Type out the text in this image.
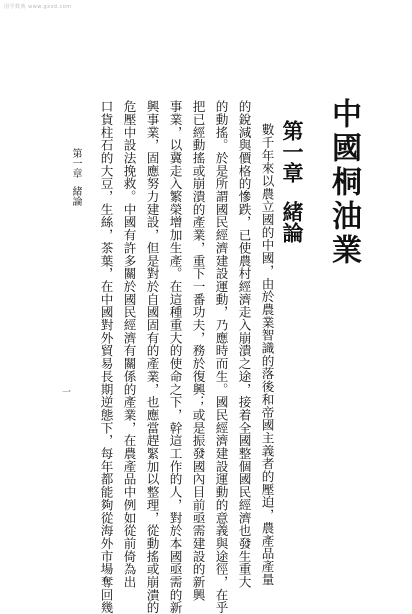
国学数典 www.gxsd.com
中國桐油業
第一章緒論
數千年來以農立國的中國，由於農業智識的落後和帝國主義者的壓迫，農產品產量
的銳減與價格的慘跌，已使農村經濟走入崩潰之途，接着全國整個國民經濟也發生重大
的動搖。於是所謂國民經濟建設運動，乃應時而生。國民經濟建設運動的意義與途徑，在乎
把已經動搖或崩潰的產業，重下一番功夫，務於復興；或是振發國內目前亟需建設的新興
事業，以冀走入繁榮增加生產。在這種重大的使命之下，幹這工作的人，對於本國亟需的新
興事業，固應努力建設，但是對於自國固有的產業，也應當趕緊加以整理，從動搖或崩潰的
危壓中設法挽救。中國有許多關於國民經濟有關係的產業，在農產品中例如從前倚為出
口貨柱石的大豆，生絲，茶葉，在中國對外貿易長期逆態下，每年都能夠從海外市場奪回幾
第一章緒論
一
